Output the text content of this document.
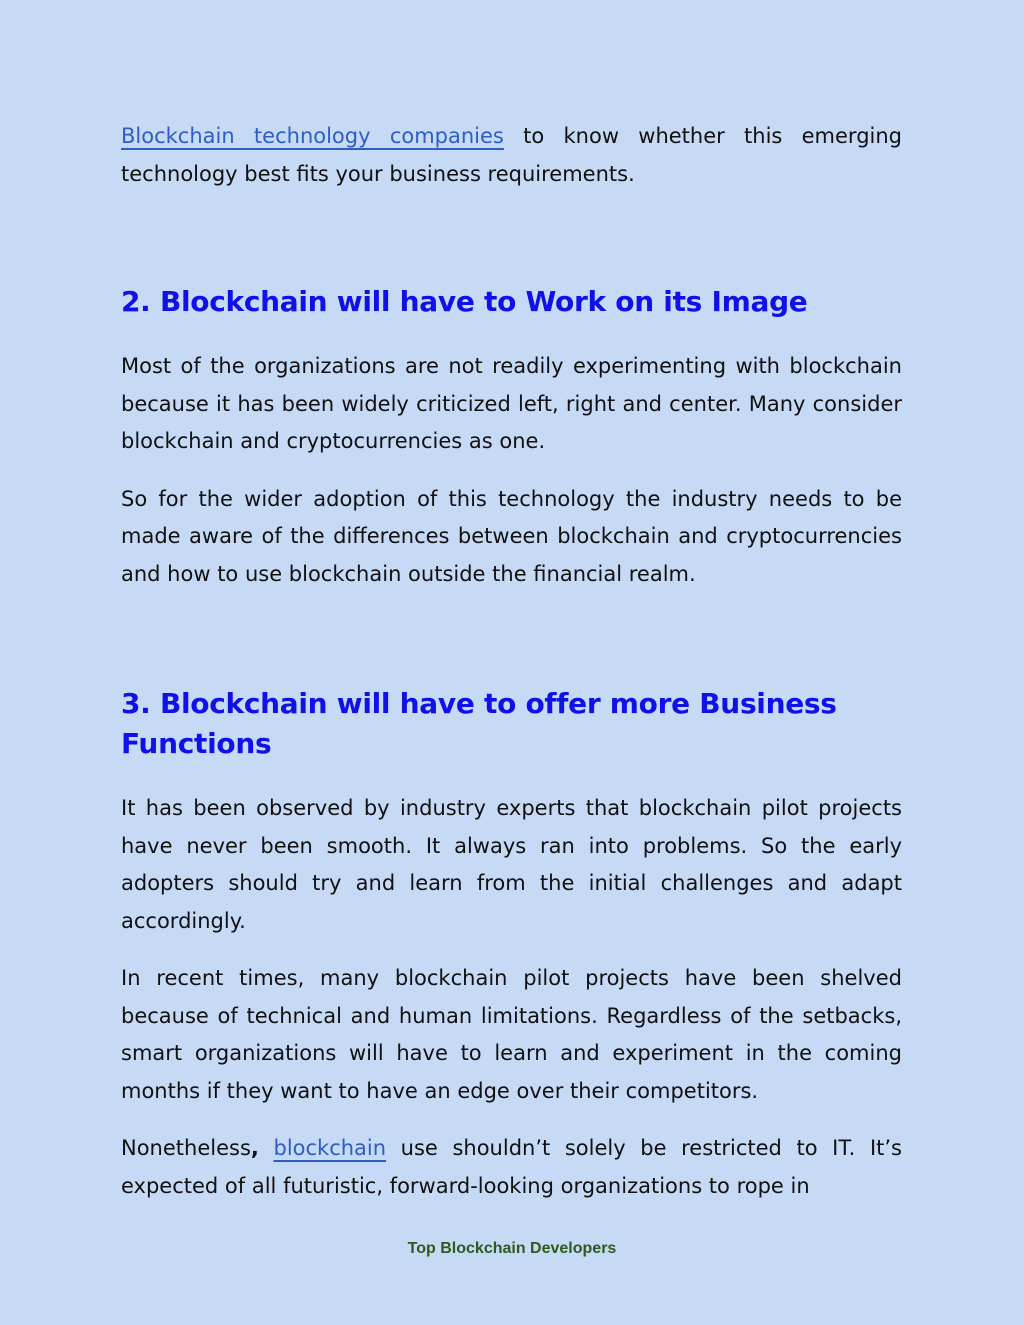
Blockchain technology companies to know whether this emerging technology best fits your business requirements.

2. Blockchain will have to Work on its Image

Most of the organizations are not readily experimenting with blockchain because it has been widely criticized left, right and center. Many consider blockchain and cryptocurrencies as one.

So for the wider adoption of this technology the industry needs to be made aware of the differences between blockchain and cryptocurrencies and how to use blockchain outside the financial realm.

3. Blockchain will have to offer more Business Functions

It has been observed by industry experts that blockchain pilot projects have never been smooth. It always ran into problems. So the early adopters should try and learn from the initial challenges and adapt accordingly.

In recent times, many blockchain pilot projects have been shelved because of technical and human limitations. Regardless of the setbacks, smart organizations will have to learn and experiment in the coming months if they want to have an edge over their competitors.

Nonetheless, blockchain use shouldn’t solely be restricted to IT. It’s expected of all futuristic, forward-looking organizations to rope in

Top Blockchain Developers
